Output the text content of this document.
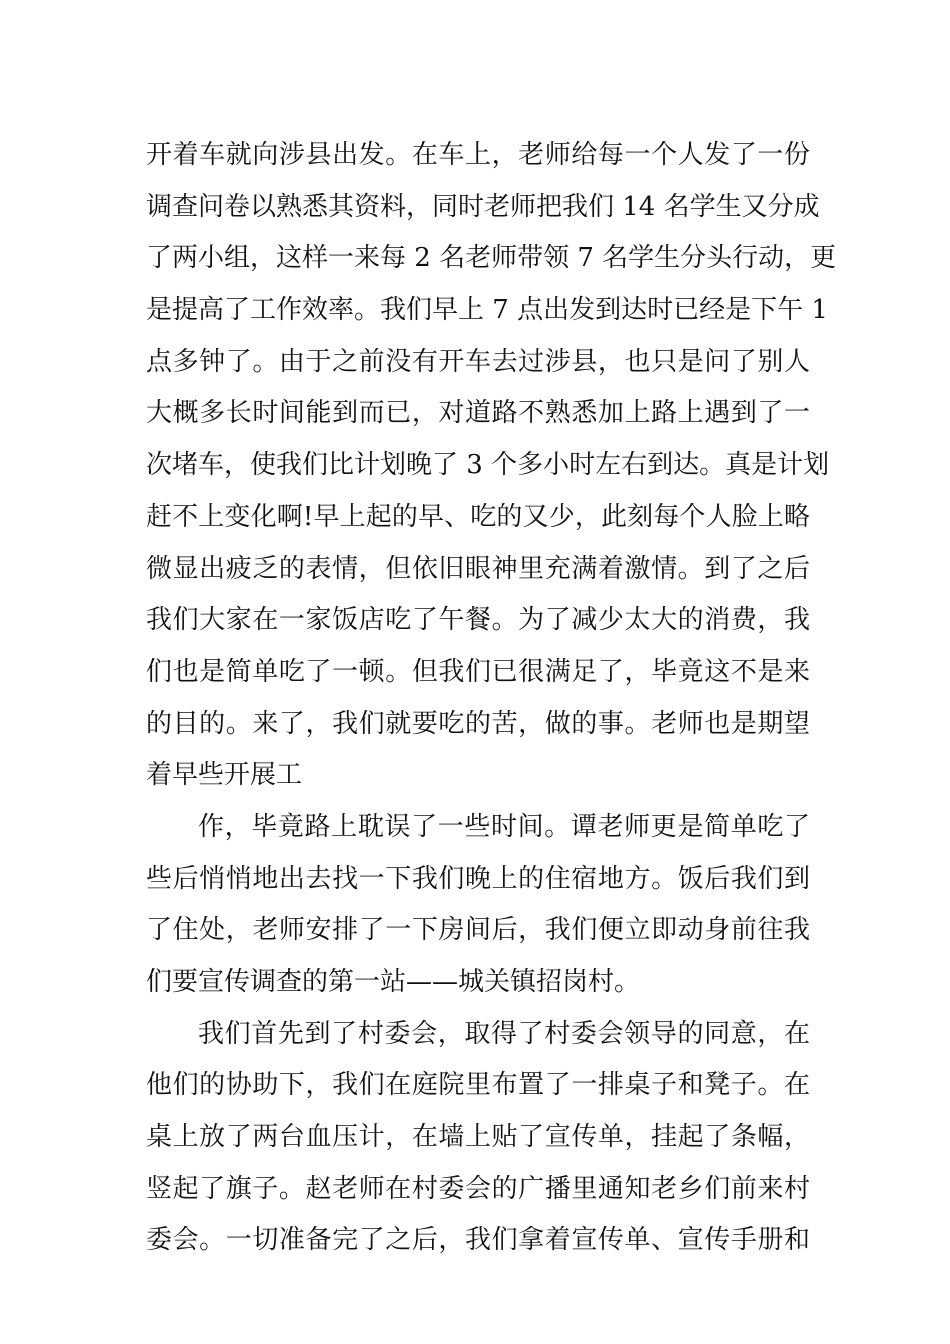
开着车就向涉县出发。在车上，老师给每一个人发了一份
调查问卷以熟悉其资料，同时老师把我们 14 名学生又分成
了两小组，这样一来每 2 名老师带领 7 名学生分头行动，更
是提高了工作效率。我们早上 7 点出发到达时已经是下午 1
点多钟了。由于之前没有开车去过涉县，也只是问了别人
大概多长时间能到而已，对道路不熟悉加上路上遇到了一
次堵车，使我们比计划晚了 3 个多小时左右到达。真是计划
赶不上变化啊!早上起的早、吃的又少，此刻每个人脸上略
微显出疲乏的表情，但依旧眼神里充满着激情。到了之后
我们大家在一家饭店吃了午餐。为了减少太大的消费，我
们也是简单吃了一顿。但我们已很满足了，毕竟这不是来
的目的。来了，我们就要吃的苦，做的事。老师也是期望
着早些开展工
作，毕竟路上耽误了一些时间。谭老师更是简单吃了
些后悄悄地出去找一下我们晚上的住宿地方。饭后我们到
了住处，老师安排了一下房间后，我们便立即动身前往我
们要宣传调查的第一站——城关镇招岗村。
我们首先到了村委会，取得了村委会领导的同意，在
他们的协助下，我们在庭院里布置了一排桌子和凳子。在
桌上放了两台血压计，在墙上贴了宣传单，挂起了条幅，
竖起了旗子。赵老师在村委会的广播里通知老乡们前来村
委会。一切准备完了之后，我们拿着宣传单、宣传手册和
